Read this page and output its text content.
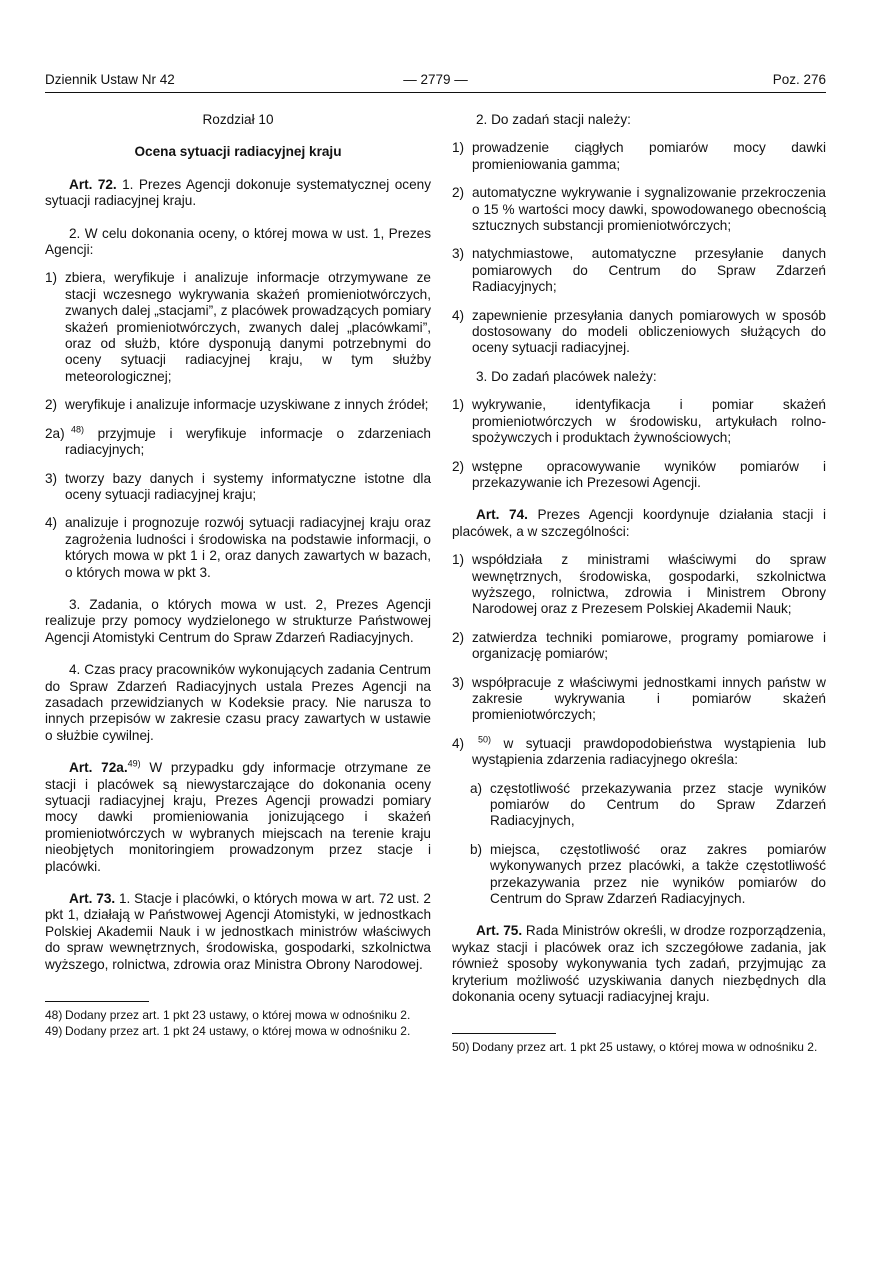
Dziennik Ustaw Nr 42	— 2779 —	Poz. 276

Rozdział 10

Ocena sytuacji radiacyjnej kraju

Art. 72. 1. Prezes Agencji dokonuje systematycznej oceny sytuacji radiacyjnej kraju.

2. W celu dokonania oceny, o której mowa w ust. 1, Prezes Agencji:

1) zbiera, weryfikuje i analizuje informacje otrzymywane ze stacji wczesnego wykrywania skażeń promieniotwórczych, zwanych dalej „stacjami”, z placówek prowadzących pomiary skażeń promieniotwórczych, zwanych dalej „placówkami”, oraz od służb, które dysponują danymi potrzebnymi do oceny sytuacji radiacyjnej kraju, w tym służby meteorologicznej;
2) weryfikuje i analizuje informacje uzyskiwane z innych źródeł;
2a) $^{48)}$ przyjmuje i weryfikuje informacje o zdarzeniach radiacyjnych;
3) tworzy bazy danych i systemy informatyczne istotne dla oceny sytuacji radiacyjnej kraju;
4) analizuje i prognozuje rozwój sytuacji radiacyjnej kraju oraz zagrożenia ludności i środowiska na podstawie informacji, o których mowa w pkt 1 i 2, oraz danych zawartych w bazach, o których mowa w pkt 3.

3. Zadania, o których mowa w ust. 2, Prezes Agencji realizuje przy pomocy wydzielonego w strukturze Państwowej Agencji Atomistyki Centrum do Spraw Zdarzeń Radiacyjnych.

4. Czas pracy pracowników wykonujących zadania Centrum do Spraw Zdarzeń Radiacyjnych ustala Prezes Agencji na zasadach przewidzianych w Kodeksie pracy. Nie narusza to innych przepisów w zakresie czasu pracy zawartych w ustawie o służbie cywilnej.

Art. 72a.$^{49)}$ W przypadku gdy informacje otrzymane ze stacji i placówek są niewystarczające do dokonania oceny sytuacji radiacyjnej kraju, Prezes Agencji prowadzi pomiary mocy dawki promieniowania jonizującego i skażeń promieniotwórczych w wybranych miejscach na terenie kraju nieobjętych monitoringiem prowadzonym przez stacje i placówki.

Art. 73. 1. Stacje i placówki, o których mowa w art. 72 ust. 2 pkt 1, działają w Państwowej Agencji Atomistyki, w jednostkach Polskiej Akademii Nauk i w jednostkach ministrów właściwych do spraw wewnętrznych, środowiska, gospodarki, szkolnictwa wyższego, rolnictwa, zdrowia oraz Ministra Obrony Narodowej.

48) Dodany przez art. 1 pkt 23 ustawy, o której mowa w odnośniku 2.
49) Dodany przez art. 1 pkt 24 ustawy, o której mowa w odnośniku 2.

2. Do zadań stacji należy:

1) prowadzenie ciągłych pomiarów mocy dawki promieniowania gamma;
2) automatyczne wykrywanie i sygnalizowanie przekroczenia o 15 % wartości mocy dawki, spowodowanego obecnością sztucznych substancji promieniotwórczych;
3) natychmiastowe, automatyczne przesyłanie danych pomiarowych do Centrum do Spraw Zdarzeń Radiacyjnych;
4) zapewnienie przesyłania danych pomiarowych w sposób dostosowany do modeli obliczeniowych służących do oceny sytuacji radiacyjnej.

3. Do zadań placówek należy:

1) wykrywanie, identyfikacja i pomiar skażeń promieniotwórczych w środowisku, artykułach rolno-spożywczych i produktach żywnościowych;
2) wstępne opracowywanie wyników pomiarów i przekazywanie ich Prezesowi Agencji.

Art. 74. Prezes Agencji koordynuje działania stacji i placówek, a w szczególności:

1) współdziała z ministrami właściwymi do spraw wewnętrznych, środowiska, gospodarki, szkolnictwa wyższego, rolnictwa, zdrowia i Ministrem Obrony Narodowej oraz z Prezesem Polskiej Akademii Nauk;
2) zatwierdza techniki pomiarowe, programy pomiarowe i organizację pomiarów;
3) współpracuje z właściwymi jednostkami innych państw w zakresie wykrywania i pomiarów skażeń promieniotwórczych;
4) $^{50)}$ w sytuacji prawdopodobieństwa wystąpienia lub wystąpienia zdarzenia radiacyjnego określa:
a) częstotliwość przekazywania przez stacje wyników pomiarów do Centrum do Spraw Zdarzeń Radiacyjnych,
b) miejsca, częstotliwość oraz zakres pomiarów wykonywanych przez placówki, a także częstotliwość przekazywania przez nie wyników pomiarów do Centrum do Spraw Zdarzeń Radiacyjnych.

Art. 75. Rada Ministrów określi, w drodze rozporządzenia, wykaz stacji i placówek oraz ich szczegółowe zadania, jak również sposoby wykonywania tych zadań, przyjmując za kryterium możliwość uzyskiwania danych niezbędnych dla dokonania oceny sytuacji radiacyjnej kraju.

50) Dodany przez art. 1 pkt 25 ustawy, o której mowa w odnośniku 2.
